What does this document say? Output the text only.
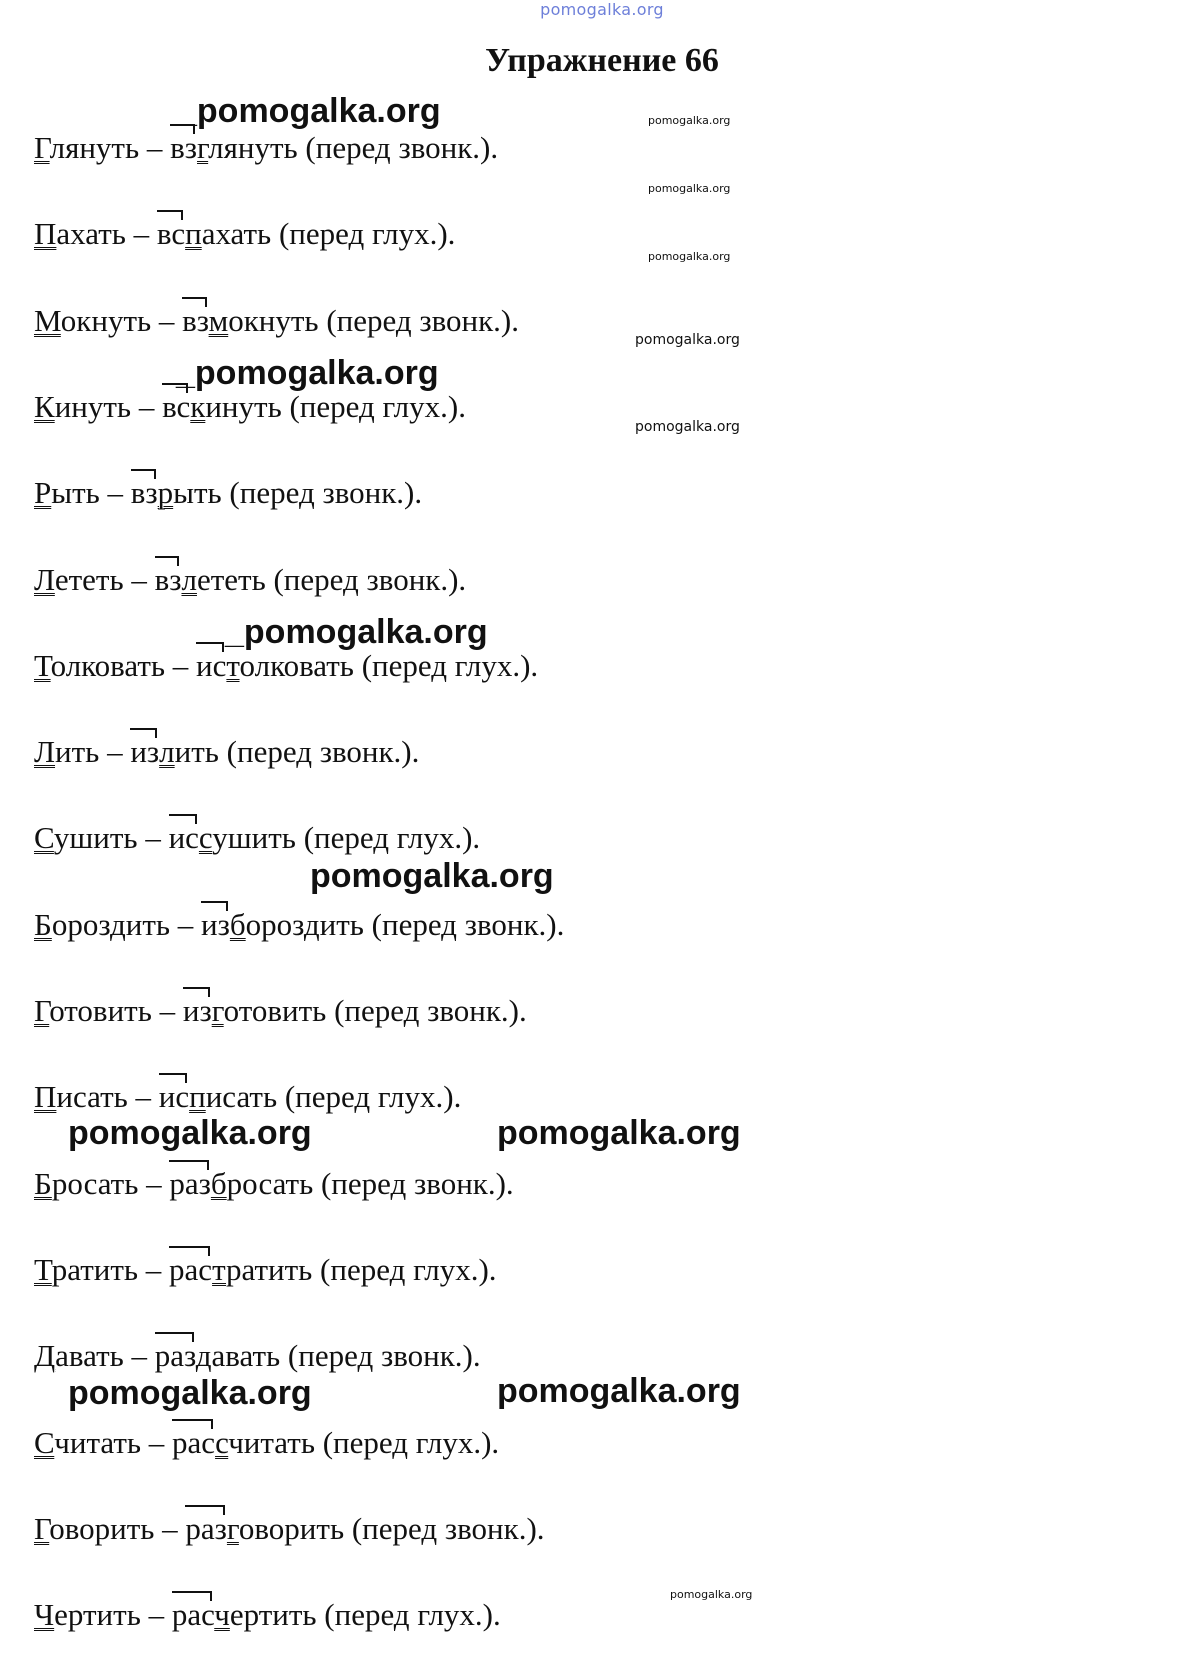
pomogalka.org
Упражнение 66
_pomogalka.org	pomogalka.org
pomogalka.org
pomogalka.org
pomogalka.org
_pomogalka.org
pomogalka.org
_pomogalka.org
pomogalka.org
pomogalka.org	pomogalka.org
pomogalka.org	pomogalka.org
pomogalka.org
Глянуть – взглянуть (перед звонк.).
Пахать – вспахать (перед глух.).
Мокнуть – взмокнуть (перед звонк.).
Кинуть – вскинуть (перед глух.).
Рыть – взрыть (перед звонк.).
Лететь – взлететь (перед звонк.).
Толковать – истолковать (перед глух.).
Лить – излить (перед звонк.).
Сушить – иссушить (перед глух.).
Бороздить – избороздить (перед звонк.).
Готовить – изготовить (перед звонк.).
Писать – исписать (перед глух.).
Бросать – разбросать (перед звонк.).
Тратить – растратить (перед глух.).
Давать – раздавать (перед звонк.).
Считать – рассчитать (перед глух.).
Говорить – разговорить (перед звонк.).
Чертить – расчертить (перед глух.).
